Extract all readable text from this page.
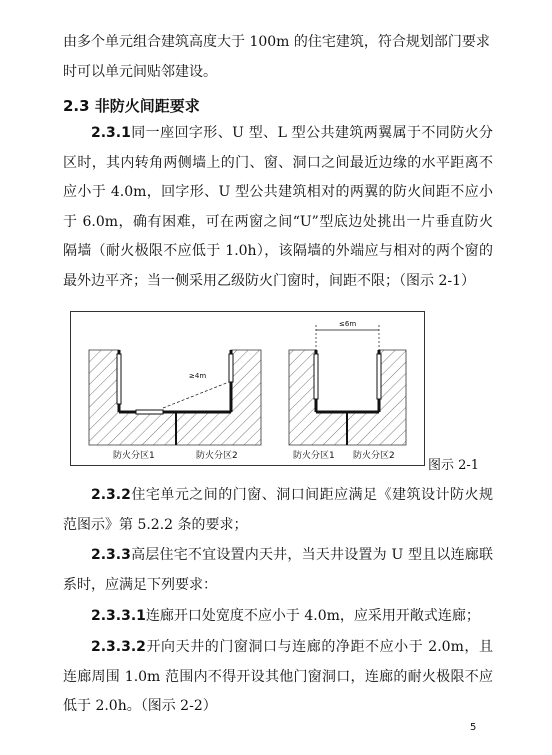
由多个单元组合建筑高度大于 100m 的住宅建筑，符合规划部门要求

时可以单元间贴邻建设。

2.3 非防火间距要求

2.3.1同一座回字形、U 型、L 型公共建筑两翼属于不同防火分区时，其内转角两侧墙上的门、窗、洞口之间最近边缘的水平距离不应小于 4.0m，回字形、U 型公共建筑相对的两翼的防火间距不应小于 6.0m，确有困难，可在两窗之间“U”型底边处挑出一片垂直防火隔墙（耐火极限不应低于 1.0h），该隔墙的外端应与相对的两个窗的最外边平齐；当一侧采用乙级防火门窗时，间距不限；（图示 2-1）

≥4m
防火分区1	防火分区2
≤6m
防火分区1 防火分区2
图示 2-1

2.3.2住宅单元之间的门窗、洞口间距应满足《建筑设计防火规范图示》第 5.2.2 条的要求；

2.3.3高层住宅不宜设置内天井，当天井设置为 U 型且以连廊联系时，应满足下列要求：

2.3.3.1连廊开口处宽度不应小于 4.0m，应采用开敞式连廊；

2.3.3.2开向天井的门窗洞口与连廊的净距不应小于 2.0m，且连廊周围 1.0m 范围内不得开设其他门窗洞口，连廊的耐火极限不应低于 2.0h。（图示 2-2）

5
